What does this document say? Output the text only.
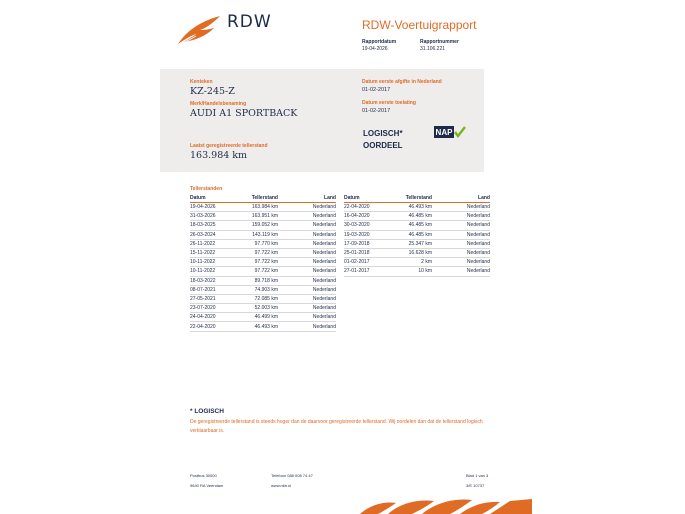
RDW	RDW-Voertuigrapport
Rapportdatum
19-04-2026
Rapportnummer
31.106.221
Kenteken
KZ-245-Z
Merk/Handelsbenaming
AUDI A1 SPORTBACK
Laatst geregistreerde tellerstand
163.984 km
Datum eerste afgifte in Nederland
01-02-2017
Datum eerste toelating
01-02-2017
LOGISCH*
OORDEEL
NAP
Tellerstanden
Datum	Tellerstand	Land
19-04-2026	163.984 km	Nederland
31-03-2026	163.951 km	Nederland
18-03-2025	159.052 km	Nederland
26-03-2024	143.119 km	Nederland
26-11-2022	97.770 km	Nederland
15-11-2022	97.722 km	Nederland
10-11-2022	97.722 km	Nederland
10-11-2022	97.722 km	Nederland
18-03-2022	89.718 km	Nederland
08-07-2021	74.903 km	Nederland
27-05-2021	72.085 km	Nederland
23-07-2020	52.003 km	Nederland
24-04-2020	46.499 km	Nederland
22-04-2020	46.493 km	Nederland
Datum	Tellerstand	Land
22-04-2020	46.493 km	Nederland
16-04-2020	46.485 km	Nederland
30-03-2020	46.485 km	Nederland
19-03-2020	46.485 km	Nederland
17-09-2018	25.347 km	Nederland
25-01-2018	16.628 km	Nederland
01-02-2017	2 km	Nederland
27-01-2017	10 km	Nederland
* LOGISCH
De geregistreerde tellerstand is steeds hoger dan de daarvoor geregistreerde tellerstand. Wij oordelen dan dat de tellerstand logisch verklaarbaar is.
Postbus 30000
9640 RA Veendam
Telefoon 088 008 74 47
www.rdw.nl
Blad 1 van 3
3/E 10737
